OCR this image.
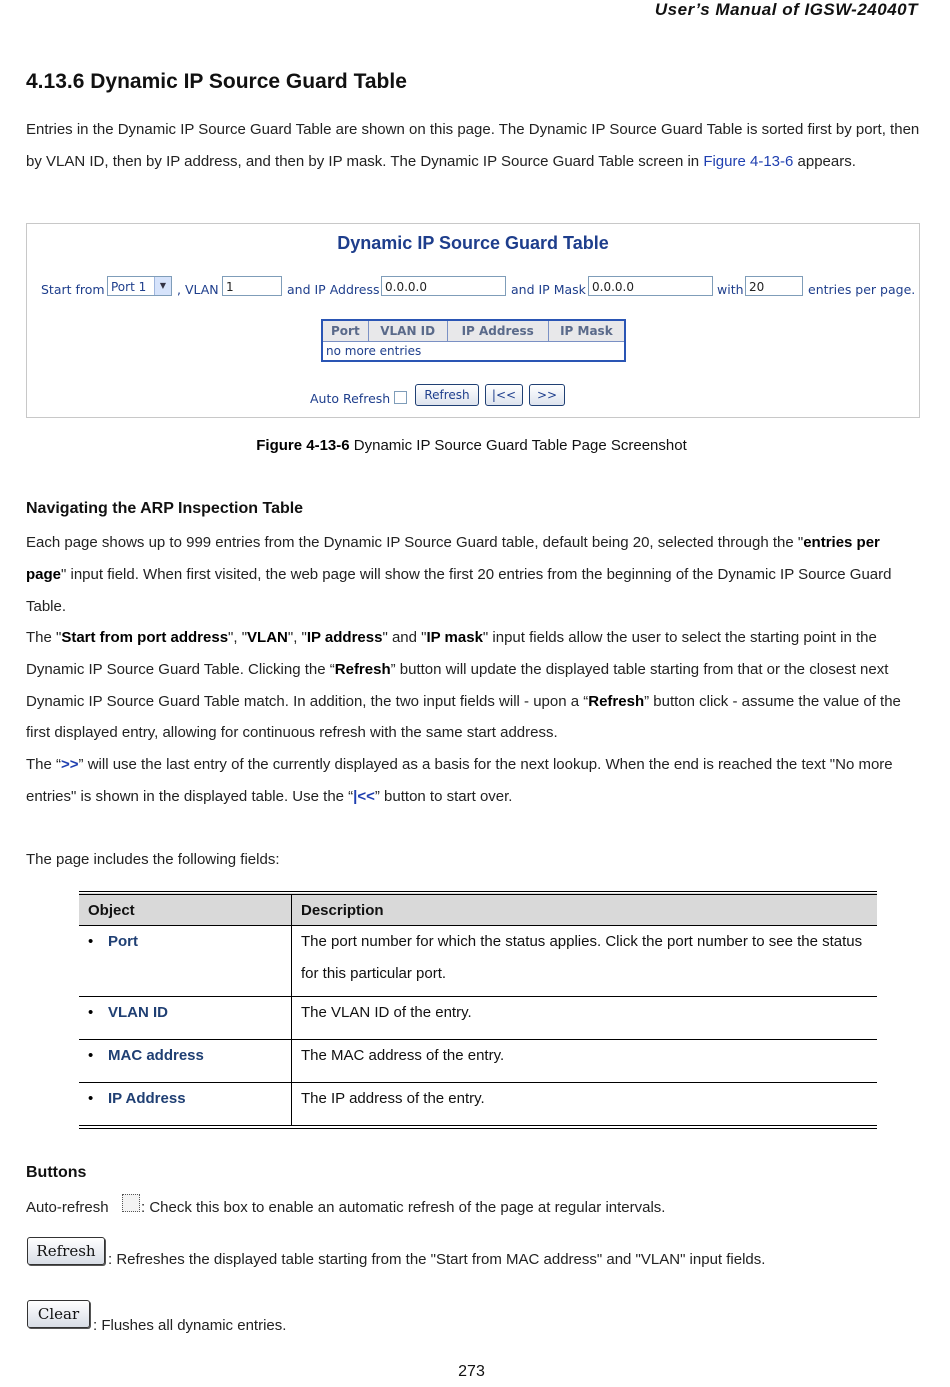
User’s Manual of IGSW-24040T
4.13.6 Dynamic IP Source Guard Table
Entries in the Dynamic IP Source Guard Table are shown on this page. The Dynamic IP Source Guard Table is sorted first by port, then by VLAN ID, then by IP address, and then by IP mask. The Dynamic IP Source Guard Table screen in Figure 4-13-6 appears.
Dynamic IP Source Guard Table
Start from Port 1	▼ , VLAN 1	and IP Address 0.0.0.0	and IP Mask 0.0.0.0	with 20	entries per page.
Port	VLAN ID	IP Address	IP Mask
no more entries
Auto Refresh	Refresh	|<<	>>
Figure 4-13-6 Dynamic IP Source Guard Table Page Screenshot
Navigating the ARP Inspection Table
Each page shows up to 999 entries from the Dynamic IP Source Guard table, default being 20, selected through the "entries per page" input field. When first visited, the web page will show the first 20 entries from the beginning of the Dynamic IP Source Guard Table.
The "Start from port address", "VLAN", "IP address" and "IP mask" input fields allow the user to select the starting point in the Dynamic IP Source Guard Table. Clicking the “Refresh” button will update the displayed table starting from that or the closest next Dynamic IP Source Guard Table match. In addition, the two input fields will - upon a “Refresh” button click - assume the value of the first displayed entry, allowing for continuous refresh with the same start address.
The “>>” will use the last entry of the currently displayed as a basis for the next lookup. When the end is reached the text "No more entries" is shown in the displayed table. Use the “|<<” button to start over.
The page includes the following fields:
Object	Description
• Port	The port number for which the status applies. Click the port number to see the status for this particular port.
• VLAN ID	The VLAN ID of the entry.
• MAC address	The MAC address of the entry.
• IP Address	The IP address of the entry.
Buttons
Auto-refresh	: Check this box to enable an automatic refresh of the page at regular intervals.
Refresh : Refreshes the displayed table starting from the "Start from MAC address" and "VLAN" input fields.
Clear
: Flushes all dynamic entries.
273
